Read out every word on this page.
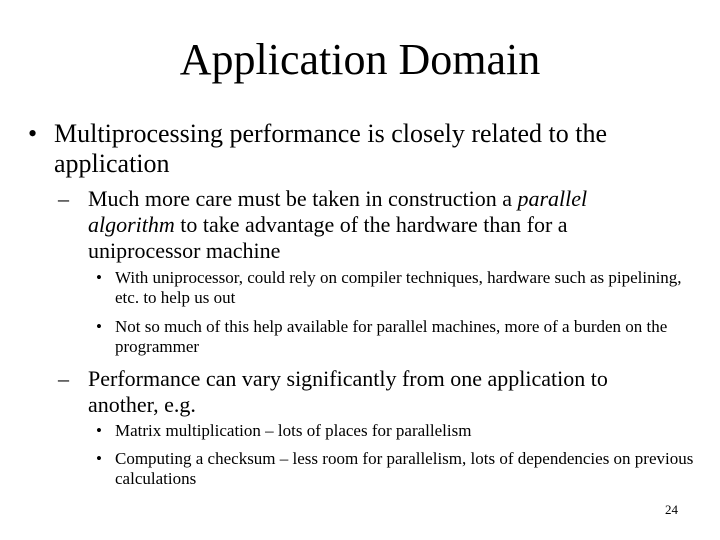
Application Domain
• Multiprocessing performance is closely related to the application
– Much more care must be taken in construction a parallel algorithm to take advantage of the hardware than for a uniprocessor machine
• With uniprocessor, could rely on compiler techniques, hardware such as pipelining, etc. to help us out
• Not so much of this help available for parallel machines, more of a burden on the programmer
– Performance can vary significantly from one application to another, e.g.
• Matrix multiplication – lots of places for parallelism
• Computing a checksum – less room for parallelism, lots of dependencies on previous calculations
24
